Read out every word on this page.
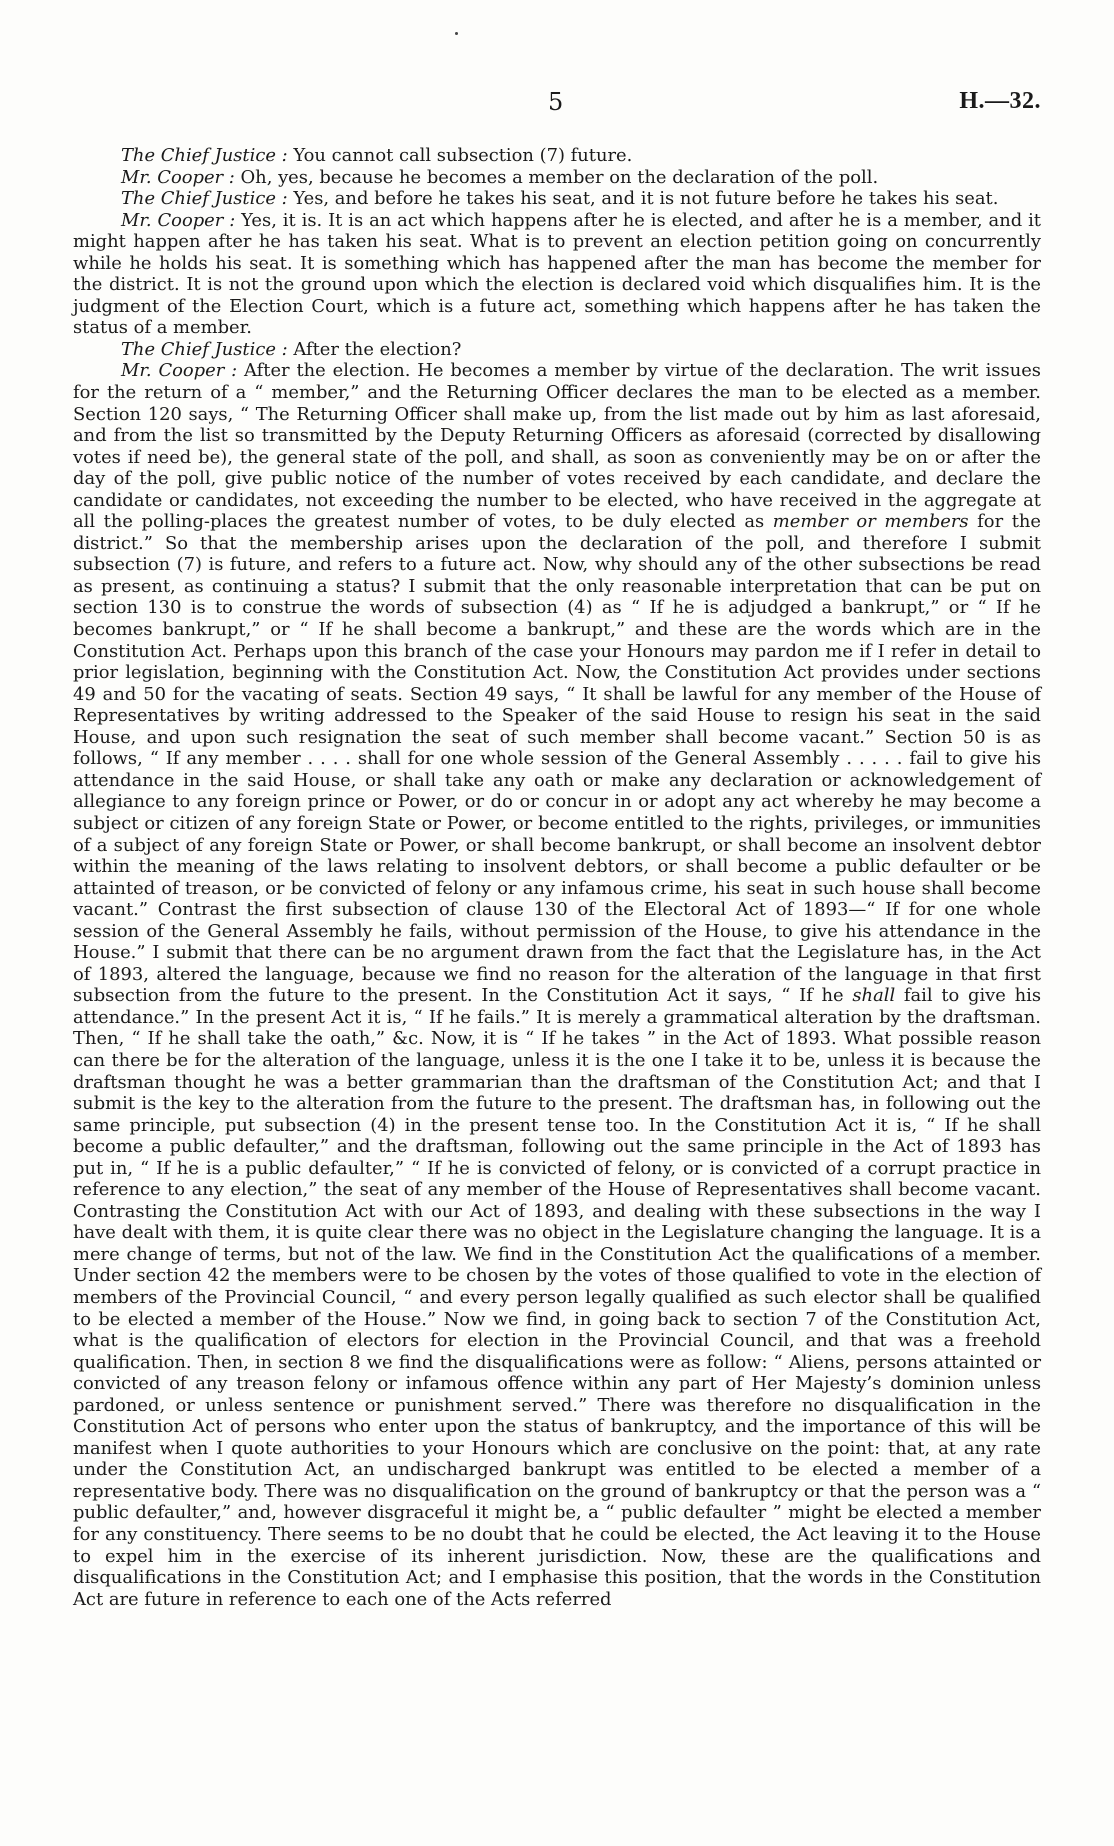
5	H.—32.

The Chief Justice : You cannot call subsection (7) future.

Mr. Cooper : Oh, yes, because he becomes a member on the declaration of the poll.

The Chief Justice : Yes, and before he takes his seat, and it is not future before he takes his seat.

Mr. Cooper : Yes, it is. It is an act which happens after he is elected, and after he is a member, and it might happen after he has taken his seat. What is to prevent an election petition going on concurrently while he holds his seat. It is something which has happened after the man has become the member for the district. It is not the ground upon which the election is declared void which disqualifies him. It is the judgment of the Election Court, which is a future act, something which happens after he has taken the status of a member.

The Chief Justice : After the election?

Mr. Cooper : After the election. He becomes a member by virtue of the declaration. The writ issues for the return of a “ member,” and the Returning Officer declares the man to be elected as a member. Section 120 says, “ The Returning Officer shall make up, from the list made out by him as last aforesaid, and from the list so transmitted by the Deputy Returning Officers as aforesaid (corrected by disallowing votes if need be), the general state of the poll, and shall, as soon as conveniently may be on or after the day of the poll, give public notice of the number of votes received by each candidate, and declare the candidate or candidates, not exceeding the number to be elected, who have received in the aggregate at all the polling-places the greatest number of votes, to be duly elected as member or members for the district.” So that the membership arises upon the declaration of the poll, and therefore I submit subsection (7) is future, and refers to a future act. Now, why should any of the other subsections be read as present, as continuing a status? I submit that the only reasonable interpretation that can be put on section 130 is to construe the words of subsection (4) as “ If he is adjudged a bankrupt,” or “ If he becomes bankrupt,” or “ If he shall become a bankrupt,” and these are the words which are in the Constitution Act. Perhaps upon this branch of the case your Honours may pardon me if I refer in detail to prior legislation, beginning with the Constitution Act. Now, the Constitution Act provides under sections 49 and 50 for the vacating of seats. Section 49 says, “ It shall be lawful for any member of the House of Representatives by writing addressed to the Speaker of the said House to resign his seat in the said House, and upon such resignation the seat of such member shall become vacant.” Section 50 is as follows, “ If any member . . . . shall for one whole session of the General Assembly . . . . . fail to give his attendance in the said House, or shall take any oath or make any declaration or acknowledgement of allegiance to any foreign prince or Power, or do or concur in or adopt any act whereby he may become a subject or citizen of any foreign State or Power, or become entitled to the rights, privileges, or immunities of a subject of any foreign State or Power, or shall become bankrupt, or shall become an insolvent debtor within the meaning of the laws relating to insolvent debtors, or shall become a public defaulter or be attainted of treason, or be convicted of felony or any infamous crime, his seat in such house shall become vacant.” Contrast the first subsection of clause 130 of the Electoral Act of 1893—“ If for one whole session of the General Assembly he fails, without permission of the House, to give his attendance in the House.” I submit that there can be no argument drawn from the fact that the Legislature has, in the Act of 1893, altered the language, because we find no reason for the alteration of the language in that first subsection from the future to the present. In the Constitution Act it says, “ If he shall fail to give his attendance.” In the present Act it is, “ If he fails.” It is merely a grammatical alteration by the draftsman. Then, “ If he shall take the oath,” &c. Now, it is “ If he takes ” in the Act of 1893. What possible reason can there be for the alteration of the language, unless it is the one I take it to be, unless it is because the draftsman thought he was a better grammarian than the draftsman of the Constitution Act; and that I submit is the key to the alteration from the future to the present. The draftsman has, in following out the same principle, put subsection (4) in the present tense too. In the Constitution Act it is, “ If he shall become a public defaulter,” and the draftsman, following out the same principle in the Act of 1893 has put in, “ If he is a public defaulter,” “ If he is convicted of felony, or is convicted of a corrupt practice in reference to any election,” the seat of any member of the House of Representatives shall become vacant. Contrasting the Constitution Act with our Act of 1893, and dealing with these subsections in the way I have dealt with them, it is quite clear there was no object in the Legislature changing the language. It is a mere change of terms, but not of the law. We find in the Constitution Act the qualifications of a member. Under section 42 the members were to be chosen by the votes of those qualified to vote in the election of members of the Provincial Council, “ and every person legally qualified as such elector shall be qualified to be elected a member of the House.” Now we find, in going back to section 7 of the Constitution Act, what is the qualification of electors for election in the Provincial Council, and that was a freehold qualification. Then, in section 8 we find the disqualifications were as follow: “ Aliens, persons attainted or convicted of any treason felony or infamous offence within any part of Her Majesty’s dominion unless pardoned, or unless sentence or punishment served.” There was therefore no disqualification in the Constitution Act of persons who enter upon the status of bankruptcy, and the importance of this will be manifest when I quote authorities to your Honours which are conclusive on the point: that, at any rate under the Constitution Act, an undischarged bankrupt was entitled to be elected a member of a representative body. There was no disqualification on the ground of bankruptcy or that the person was a “ public defaulter,” and, however disgraceful it might be, a “ public defaulter ” might be elected a member for any constituency. There seems to be no doubt that he could be elected, the Act leaving it to the House to expel him in the exercise of its inherent jurisdiction. Now, these are the qualifications and disqualifications in the Constitution Act; and I emphasise this position, that the words in the Constitution Act are future in reference to each one of the Acts referred
